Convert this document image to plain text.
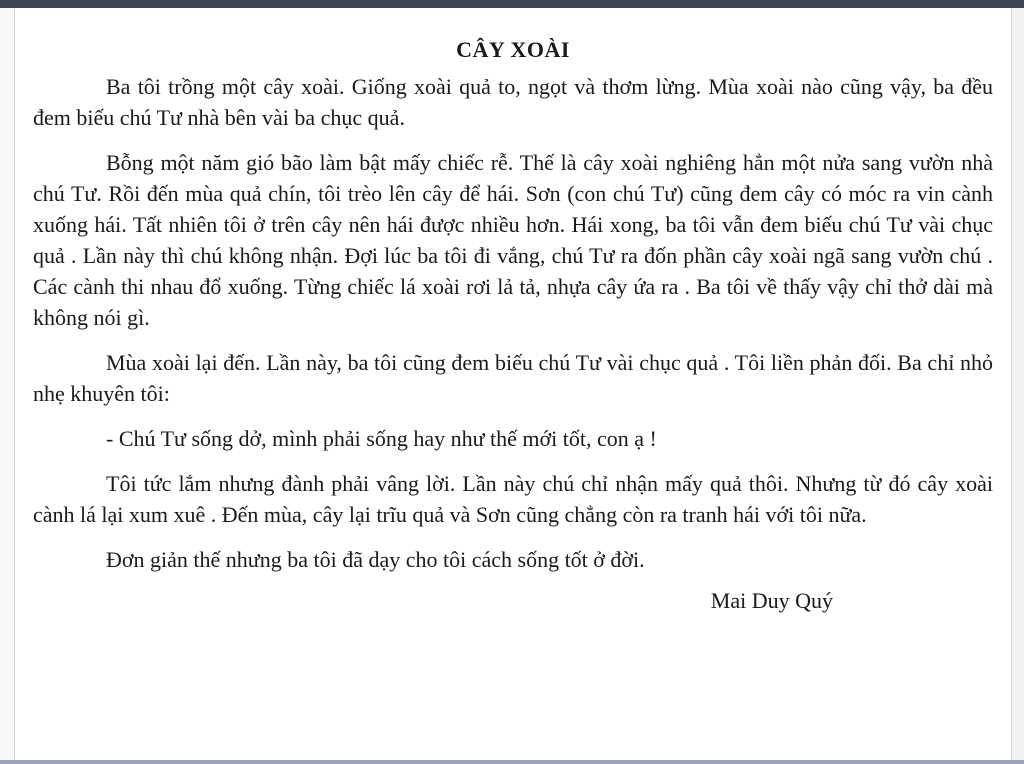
CÂY XOÀI

Ba tôi trồng một cây xoài. Giống xoài quả to, ngọt và thơm lừng. Mùa xoài nào cũng vậy, ba đều đem biếu chú Tư nhà bên vài ba chục quả.

Bỗng một năm gió bão làm bật mấy chiếc rễ. Thế là cây xoài nghiêng hẳn một nửa sang vườn nhà chú Tư. Rồi đến mùa quả chín, tôi trèo lên cây để hái. Sơn (con chú Tư) cũng đem cây có móc ra vin cành xuống hái. Tất nhiên tôi ở trên cây nên hái được nhiều hơn. Hái xong, ba tôi vẫn đem biếu chú Tư vài chục quả . Lần này thì chú không nhận. Đợi lúc ba tôi đi vắng, chú Tư ra đốn phần cây xoài ngã sang vườn chú . Các cành thi nhau đổ xuống. Từng chiếc lá xoài rơi lả tả, nhựa cây ứa ra . Ba tôi về thấy vậy chỉ thở dài mà không nói gì.

Mùa xoài lại đến. Lần này, ba tôi cũng đem biếu chú Tư vài chục quả . Tôi liền phản đối. Ba chỉ nhỏ nhẹ khuyên tôi:

- Chú Tư sống dở, mình phải sống hay như thế mới tốt, con ạ !

Tôi tức lắm nhưng đành phải vâng lời. Lần này chú chỉ nhận mấy quả thôi. Nhưng từ đó cây xoài cành lá lại xum xuê . Đến mùa, cây lại trĩu quả và Sơn cũng chẳng còn ra tranh hái với tôi nữa.

Đơn giản thế nhưng ba tôi đã dạy cho tôi cách sống tốt ở đời.

Mai Duy Quý
